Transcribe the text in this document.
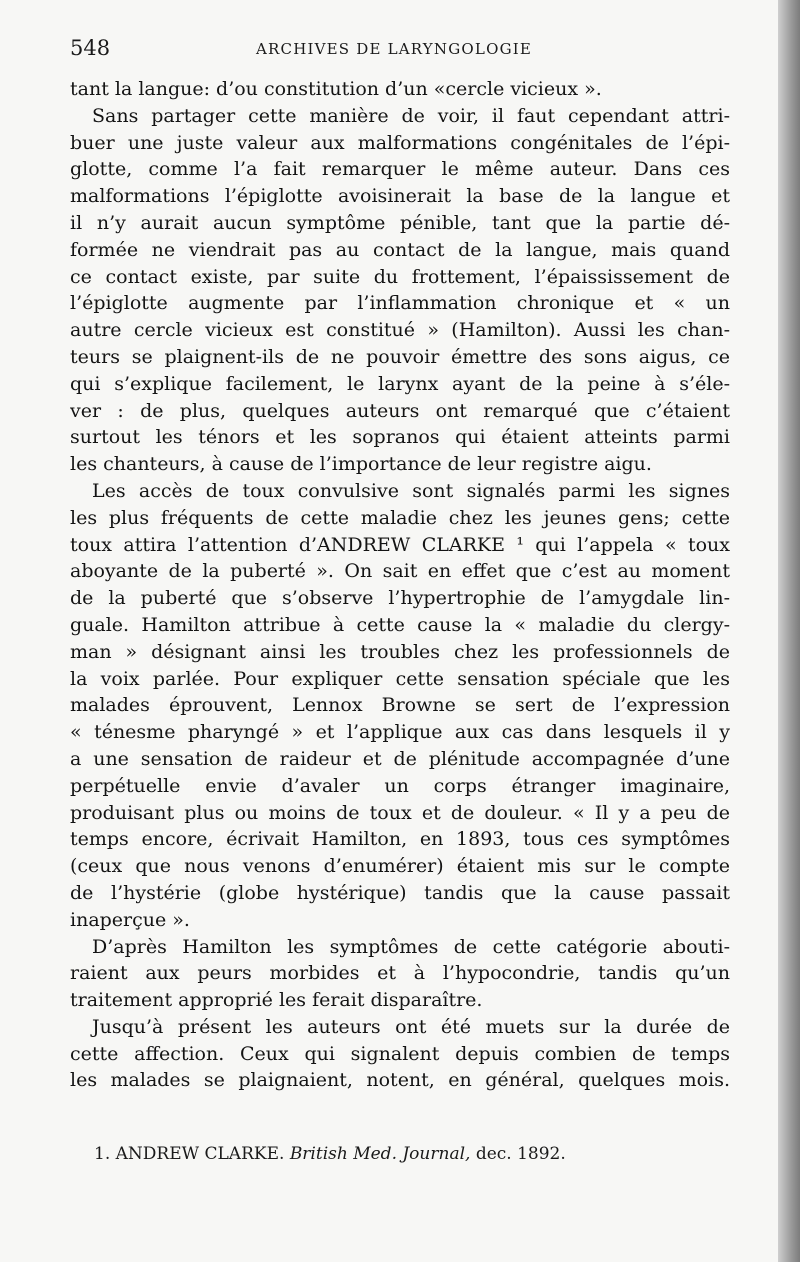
548	ARCHIVES DE LARYNGOLOGIE
tant la langue: d’ou constitution d’un «cercle vicieux ».
Sans partager cette manière de voir, il faut cependant attri-
buer une juste valeur aux malformations congénitales de l’épi-
glotte, comme l’a fait remarquer le même auteur. Dans ces
malformations l’épiglotte avoisinerait la base de la langue et
il n’y aurait aucun symptôme pénible, tant que la partie dé-
formée ne viendrait pas au contact de la langue, mais quand
ce contact existe, par suite du frottement, l’épaississement de
l’épiglotte augmente par l’inflammation chronique et « un
autre cercle vicieux est constitué » (Hamilton). Aussi les chan-
teurs se plaignent-ils de ne pouvoir émettre des sons aigus, ce
qui s’explique facilement, le larynx ayant de la peine à s’éle-
ver : de plus, quelques auteurs ont remarqué que c’étaient
surtout les ténors et les sopranos qui étaient atteints parmi
les chanteurs, à cause de l’importance de leur registre aigu.
Les accès de toux convulsive sont signalés parmi les signes
les plus fréquents de cette maladie chez les jeunes gens; cette
toux attira l’attention d’ANDREW CLARKE ¹ qui l’appela « toux
aboyante de la puberté ». On sait en effet que c’est au moment
de la puberté que s’observe l’hypertrophie de l’amygdale lin-
guale. Hamilton attribue à cette cause la « maladie du clergy-
man » désignant ainsi les troubles chez les professionnels de
la voix parlée. Pour expliquer cette sensation spéciale que les
malades éprouvent, Lennox Browne se sert de l’expression
« ténesme pharyngé » et l’applique aux cas dans lesquels il y
a une sensation de raideur et de plénitude accompagnée d’une
perpétuelle envie d’avaler un corps étranger imaginaire,
produisant plus ou moins de toux et de douleur. « Il y a peu de
temps encore, écrivait Hamilton, en 1893, tous ces symptômes
(ceux que nous venons d’enumérer) étaient mis sur le compte
de l’hystérie (globe hystérique) tandis que la cause passait
inaperçue ».
D’après Hamilton les symptômes de cette catégorie abouti-
raient aux peurs morbides et à l’hypocondrie, tandis qu’un
traitement approprié les ferait disparaître.
Jusqu’à présent les auteurs ont été muets sur la durée de
cette affection. Ceux qui signalent depuis combien de temps
les malades se plaignaient, notent, en général, quelques mois.
1. ANDREW CLARKE. British Med. Journal, dec. 1892.
